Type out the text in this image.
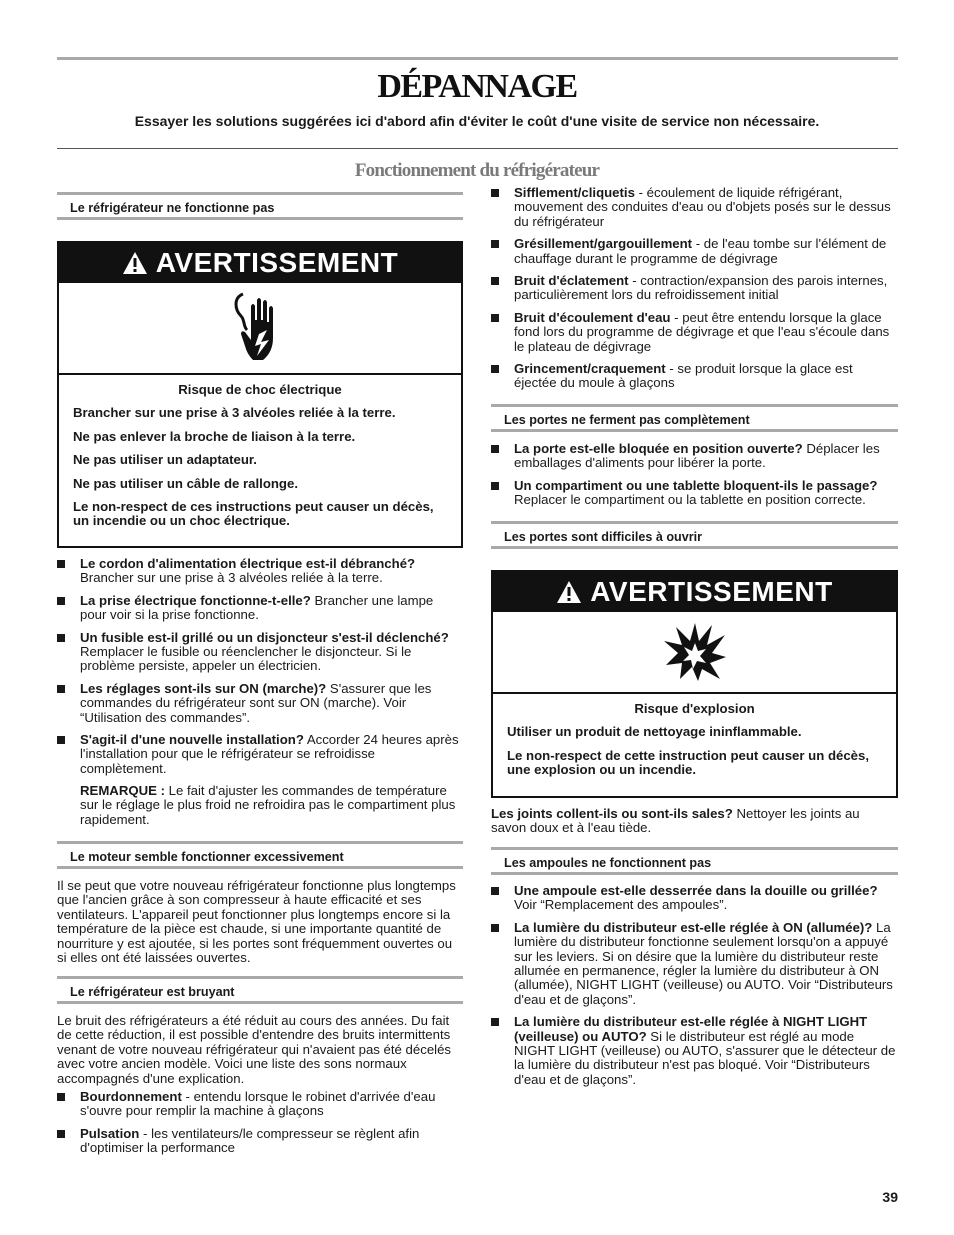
DÉPANNAGE
Essayer les solutions suggérées ici d'abord afin d'éviter le coût d'une visite de service non nécessaire.
Fonctionnement du réfrigérateur
Le réfrigérateur ne fonctionne pas
AVERTISSEMENT
Risque de choc électrique

Brancher sur une prise à 3 alvéoles reliée à la terre.

Ne pas enlever la broche de liaison à la terre.

Ne pas utiliser un adaptateur.

Ne pas utiliser un câble de rallonge.

Le non-respect de ces instructions peut causer un décès, un incendie ou un choc électrique.

Le cordon d'alimentation électrique est-il débranché? Brancher sur une prise à 3 alvéoles reliée à la terre.
La prise électrique fonctionne-t-elle? Brancher une lampe pour voir si la prise fonctionne.
Un fusible est-il grillé ou un disjoncteur s'est-il déclenché? Remplacer le fusible ou réenclencher le disjoncteur. Si le problème persiste, appeler un électricien.
Les réglages sont-ils sur ON (marche)? S'assurer que les commandes du réfrigérateur sont sur ON (marche). Voir “Utilisation des commandes”.
S'agit-il d'une nouvelle installation? Accorder 24 heures après l'installation pour que le réfrigérateur se refroidisse complètement.
REMARQUE : Le fait d'ajuster les commandes de température sur le réglage le plus froid ne refroidira pas le compartiment plus rapidement.
Le moteur semble fonctionner excessivement

Il se peut que votre nouveau réfrigérateur fonctionne plus longtemps que l'ancien grâce à son compresseur à haute efficacité et ses ventilateurs. L'appareil peut fonctionner plus longtemps encore si la température de la pièce est chaude, si une importante quantité de nourriture y est ajoutée, si les portes sont fréquemment ouvertes ou si elles ont été laissées ouvertes.

Le réfrigérateur est bruyant

Le bruit des réfrigérateurs a été réduit au cours des années. Du fait de cette réduction, il est possible d'entendre des bruits intermittents venant de votre nouveau réfrigérateur qui n'avaient pas été décelés avec votre ancien modèle. Voici une liste des sons normaux accompagnés d'une explication.

Bourdonnement - entendu lorsque le robinet d'arrivée d'eau s'ouvre pour remplir la machine à glaçons
Pulsation - les ventilateurs/le compresseur se règlent afin d'optimiser la performance
Sifflement/cliquetis - écoulement de liquide réfrigérant, mouvement des conduites d'eau ou d'objets posés sur le dessus du réfrigérateur
Grésillement/gargouillement - de l'eau tombe sur l'élément de chauffage durant le programme de dégivrage
Bruit d'éclatement - contraction/expansion des parois internes, particulièrement lors du refroidissement initial
Bruit d'écoulement d'eau - peut être entendu lorsque la glace fond lors du programme de dégivrage et que l'eau s'écoule dans le plateau de dégivrage
Grincement/craquement - se produit lorsque la glace est éjectée du moule à glaçons
Les portes ne ferment pas complètement
La porte est-elle bloquée en position ouverte? Déplacer les emballages d'aliments pour libérer la porte.
Un compartiment ou une tablette bloquent-ils le passage? Replacer le compartiment ou la tablette en position correcte.
Les portes sont difficiles à ouvrir
AVERTISSEMENT
Risque d'explosion

Utiliser un produit de nettoyage ininflammable.

Le non-respect de cette instruction peut causer un décès, une explosion ou un incendie.

Les joints collent-ils ou sont-ils sales? Nettoyer les joints au savon doux et à l'eau tiède.

Les ampoules ne fonctionnent pas
Une ampoule est-elle desserrée dans la douille ou grillée? Voir “Remplacement des ampoules”.
La lumière du distributeur est-elle réglée à ON (allumée)? La lumière du distributeur fonctionne seulement lorsqu'on a appuyé sur les leviers. Si on désire que la lumière du distributeur reste allumée en permanence, régler la lumière du distributeur à ON (allumée), NIGHT LIGHT (veilleuse) ou AUTO. Voir “Distributeurs d'eau et de glaçons”.
La lumière du distributeur est-elle réglée à NIGHT LIGHT (veilleuse) ou AUTO? Si le distributeur est réglé au mode NIGHT LIGHT (veilleuse) ou AUTO, s'assurer que le détecteur de la lumière du distributeur n'est pas bloqué. Voir “Distributeurs d'eau et de glaçons”.
39
